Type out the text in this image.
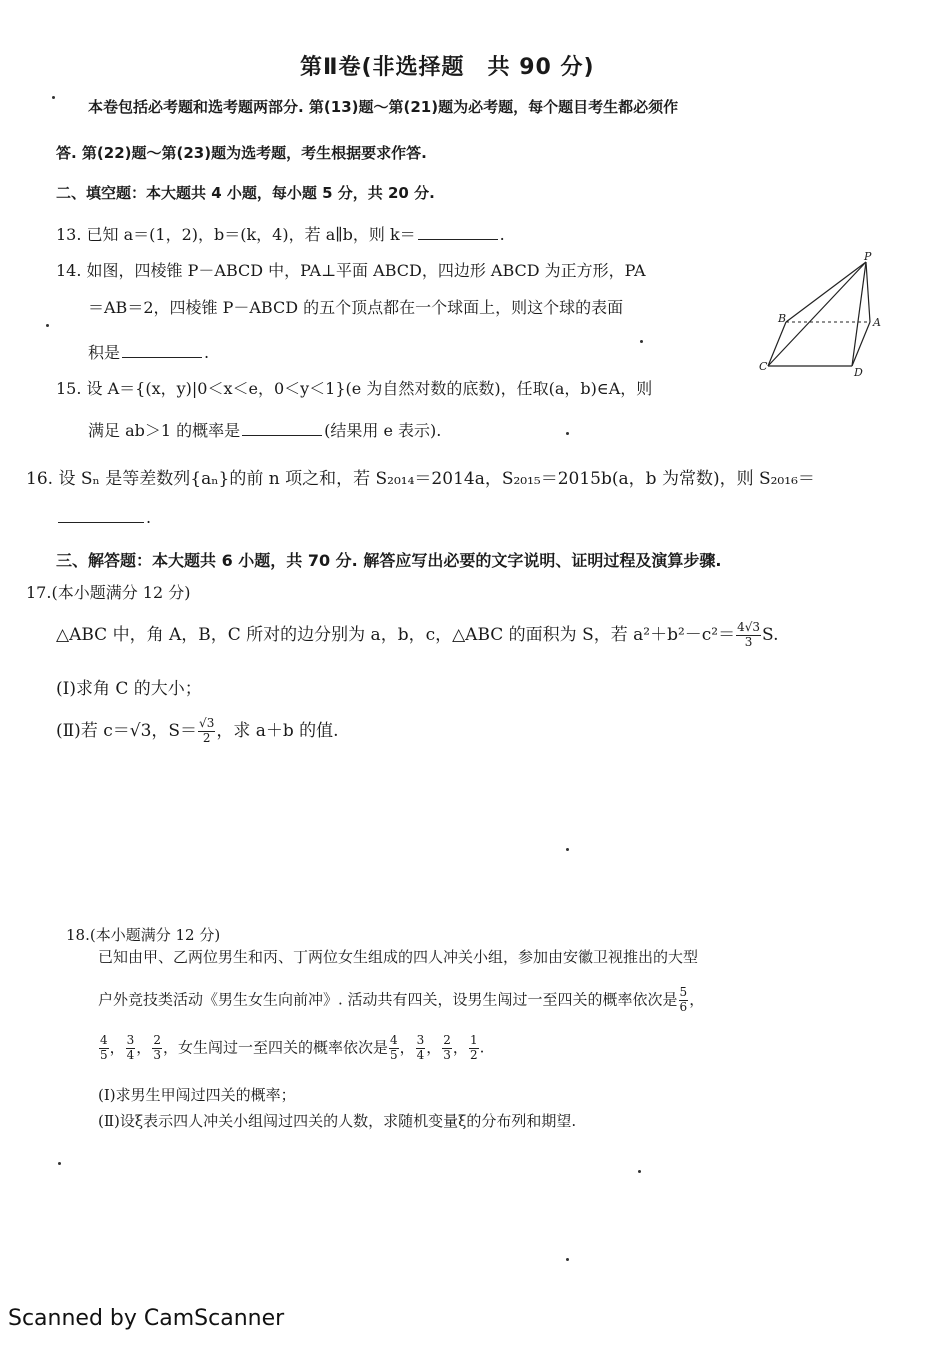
第Ⅱ卷(非选择题　共 90 分)
本卷包括必考题和选考题两部分. 第(13)题～第(21)题为必考题，每个题目考生都必须作
答. 第(22)题～第(23)题为选考题，考生根据要求作答.
二、填空题：本大题共 4 小题，每小题 5 分，共 20 分.
13. 已知 a＝(1，2)，b＝(k，4)，若 a∥b，则 k＝	.
14. 如图，四棱锥 P－ABCD 中，PA⊥平面 ABCD，四边形 ABCD 为正方形，PA
＝AB＝2，四棱锥 P－ABCD 的五个顶点都在一个球面上，则这个球的表面
积是	.
P
A
B
C	D
15. 设 A＝{(x，y)|0＜x＜e，0＜y＜1}(e 为自然对数的底数)，任取(a，b)∈A，则
满足 ab＞1 的概率是	(结果用 e 表示).
16. 设 Sₙ 是等差数列{aₙ}的前 n 项之和，若 S₂₀₁₄＝2014a，S₂₀₁₅＝2015b(a，b 为常数)，则 S₂₀₁₆＝
.
三、解答题：本大题共 6 小题，共 70 分. 解答应写出必要的文字说明、证明过程及演算步骤.
17.(本小题满分 12 分)
△ABC 中，角 A，B，C 所对的边分别为 a，b，c，△ABC 的面积为 S，若 $a^2+b^2-c^2= \frac{4√3}{3} S$.
(Ⅰ)求角 C 的大小；
(Ⅱ)若 c＝√3，$S= \frac{√3}{2}$ ，求 a＋b 的值.
18.(本小题满分 12 分)
已知由甲、乙两位男生和丙、丁两位女生组成的四人冲关小组，参加由安徽卫视推出的大型
户外竞技类活动《男生女生向前冲》. 活动共有四关，设男生闯过一至四关的概率依次是 $\frac{5}{6}$ ，
$\frac{4}{5}$ ， $\frac{3}{4}$ ， $\frac{2}{3}$ ，女生闯过一至四关的概率依次是 $\frac{4}{5}$ ， $\frac{3}{4}$ ， $\frac{2}{3}$ ， $\frac{1}{2}$ .
(Ⅰ)求男生甲闯过四关的概率；
(Ⅱ)设ξ表示四人冲关小组闯过四关的人数，求随机变量ξ的分布列和期望.
Scanned by CamScanner
